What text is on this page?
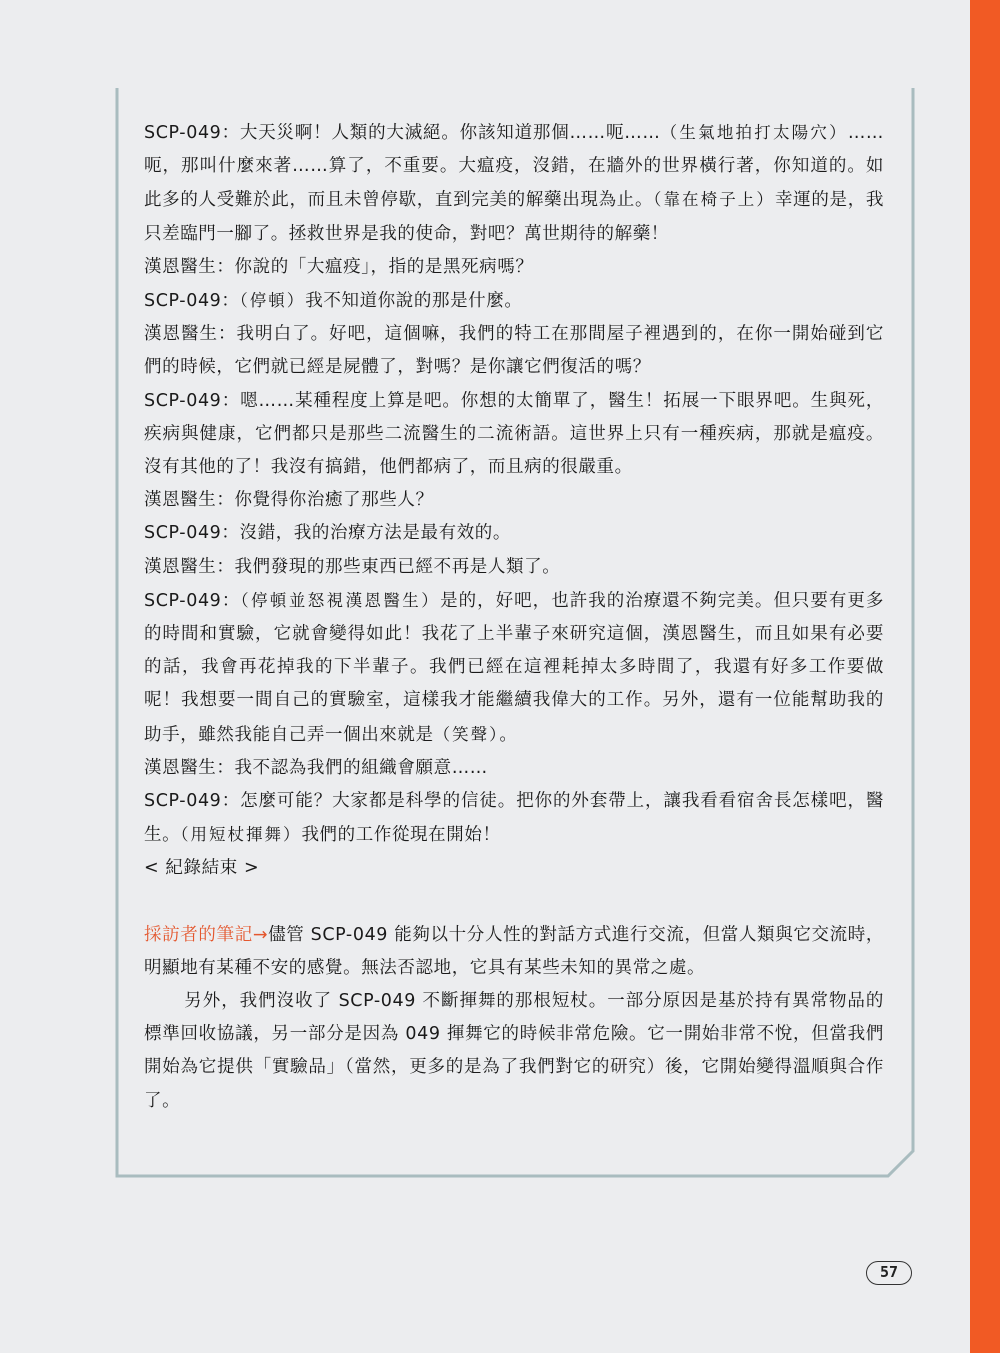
SCP-049：大天災啊！人類的大滅絕。你該知道那個……呃……（生氣地拍打太陽穴）……呃，那叫什麼來著……算了，不重要。大瘟疫，沒錯，在牆外的世界橫行著，你知道的。如此多的人受難於此，而且未曾停歇，直到完美的解藥出現為止。（靠在椅子上）幸運的是，我只差臨門一腳了。拯救世界是我的使命，對吧？萬世期待的解藥！

漢恩醫生：你說的「大瘟疫」，指的是黑死病嗎？

SCP-049：（停頓）我不知道你說的那是什麼。

漢恩醫生：我明白了。好吧，這個嘛，我們的特工在那間屋子裡遇到的，在你一開始碰到它們的時候，它們就已經是屍體了，對嗎？是你讓它們復活的嗎？

SCP-049：嗯……某種程度上算是吧。你想的太簡單了，醫生！拓展一下眼界吧。生與死，疾病與健康，它們都只是那些二流醫生的二流術語。這世界上只有一種疾病，那就是瘟疫。沒有其他的了！我沒有搞錯，他們都病了，而且病的很嚴重。

漢恩醫生：你覺得你治癒了那些人？

SCP-049：沒錯，我的治療方法是最有效的。

漢恩醫生：我們發現的那些東西已經不再是人類了。

SCP-049：（停頓並怒視漢恩醫生）是的，好吧，也許我的治療還不夠完美。但只要有更多的時間和實驗，它就會變得如此！我花了上半輩子來研究這個，漢恩醫生，而且如果有必要的話，我會再花掉我的下半輩子。我們已經在這裡耗掉太多時間了，我還有好多工作要做呢！我想要一間自己的實驗室，這樣我才能繼續我偉大的工作。另外，還有一位能幫助我的助手，雖然我能自己弄一個出來就是（笑聲）。

漢恩醫生：我不認為我們的組織會願意……

SCP-049：怎麼可能？大家都是科學的信徒。把你的外套帶上，讓我看看宿舍長怎樣吧，醫生。（用短杖揮舞）我們的工作從現在開始！

< 紀錄結束 >

採訪者的筆記→儘管 SCP-049 能夠以十分人性的對話方式進行交流，但當人類與它交流時，明顯地有某種不安的感覺。無法否認地，它具有某些未知的異常之處。

另外，我們沒收了 SCP-049 不斷揮舞的那根短杖。一部分原因是基於持有異常物品的標準回收協議，另一部分是因為 049 揮舞它的時候非常危險。它一開始非常不悅，但當我們開始為它提供「實驗品」（當然，更多的是為了我們對它的研究）後，它開始變得溫順與合作了。

57
